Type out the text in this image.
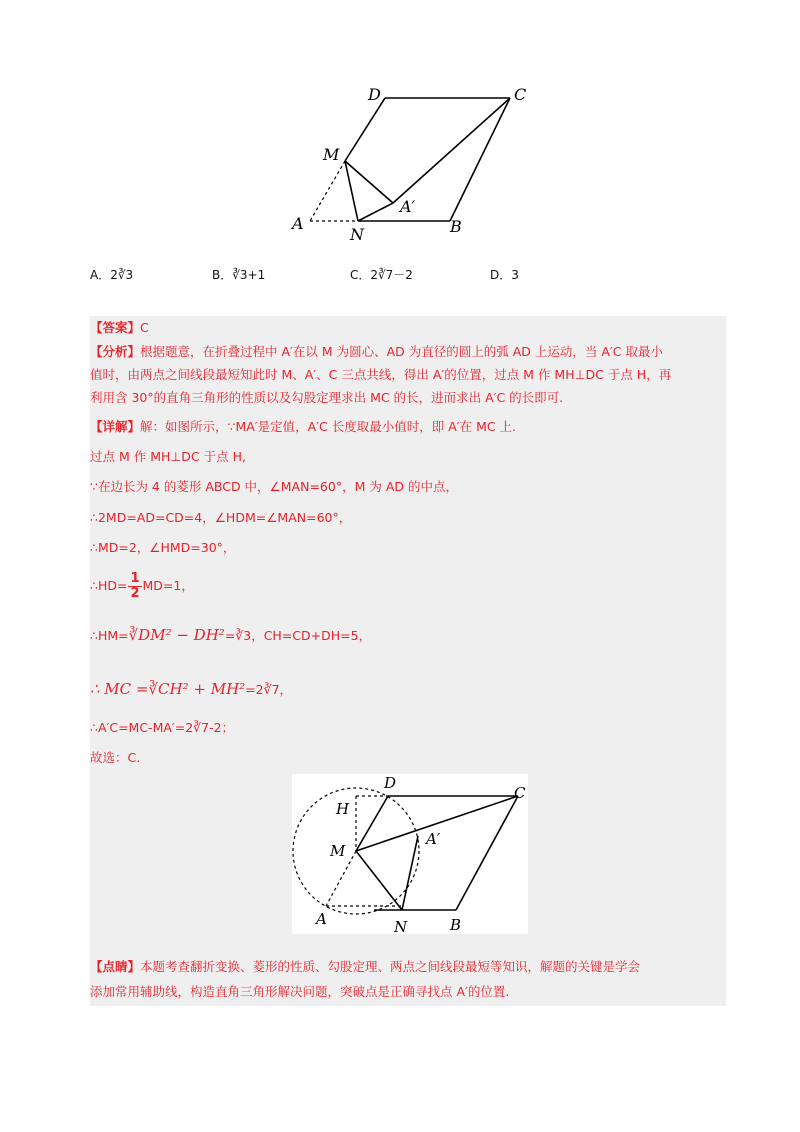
D	C
M
A
A′
N	B
A．2∛3	B．∛3+1	C．2∛7－2	D．3
【答案】C
【分析】根据题意，在折叠过程中 A′在以 M 为圆心、AD 为直径的圆上的弧 AD 上运动，当 A′C 取最小
值时，由两点之间线段最短知此时 M、A′、C 三点共线，得出 A′的位置，过点 M 作 MH⊥DC 于点 H，再
利用含 30°的直角三角形的性质以及勾股定理求出 MC 的长，进而求出 A′C 的长即可.
【详解】解：如图所示，∵MA′是定值，A′C 长度取最小值时，即 A′在 MC 上.
过点 M 作 MH⊥DC 于点 H,
∵在边长为 4 的菱形 ABCD 中，∠MAN=60°，M 为 AD 的中点，
∴2MD=AD=CD=4，∠HDM=∠MAN=60°，
∴MD=2，∠HMD=30°，
∴HD= $\frac{1}{2} MD=1$，
∴HM=∛DM² − DH²=∛3，CH=CD+DH=5，
∴ MC =∛CH² + MH²=2∛7，
∴A′C=MC-MA′=2∛7-2；
故选：C.
【点睛】本题考查翻折变换、菱形的性质、勾股定理、两点之间线段最短等知识，解题的关键是学会
添加常用辅助线，构造直角三角形解决问题，突破点是正确寻找点 A′的位置.
D
C
H
A′
M
A	N	B
